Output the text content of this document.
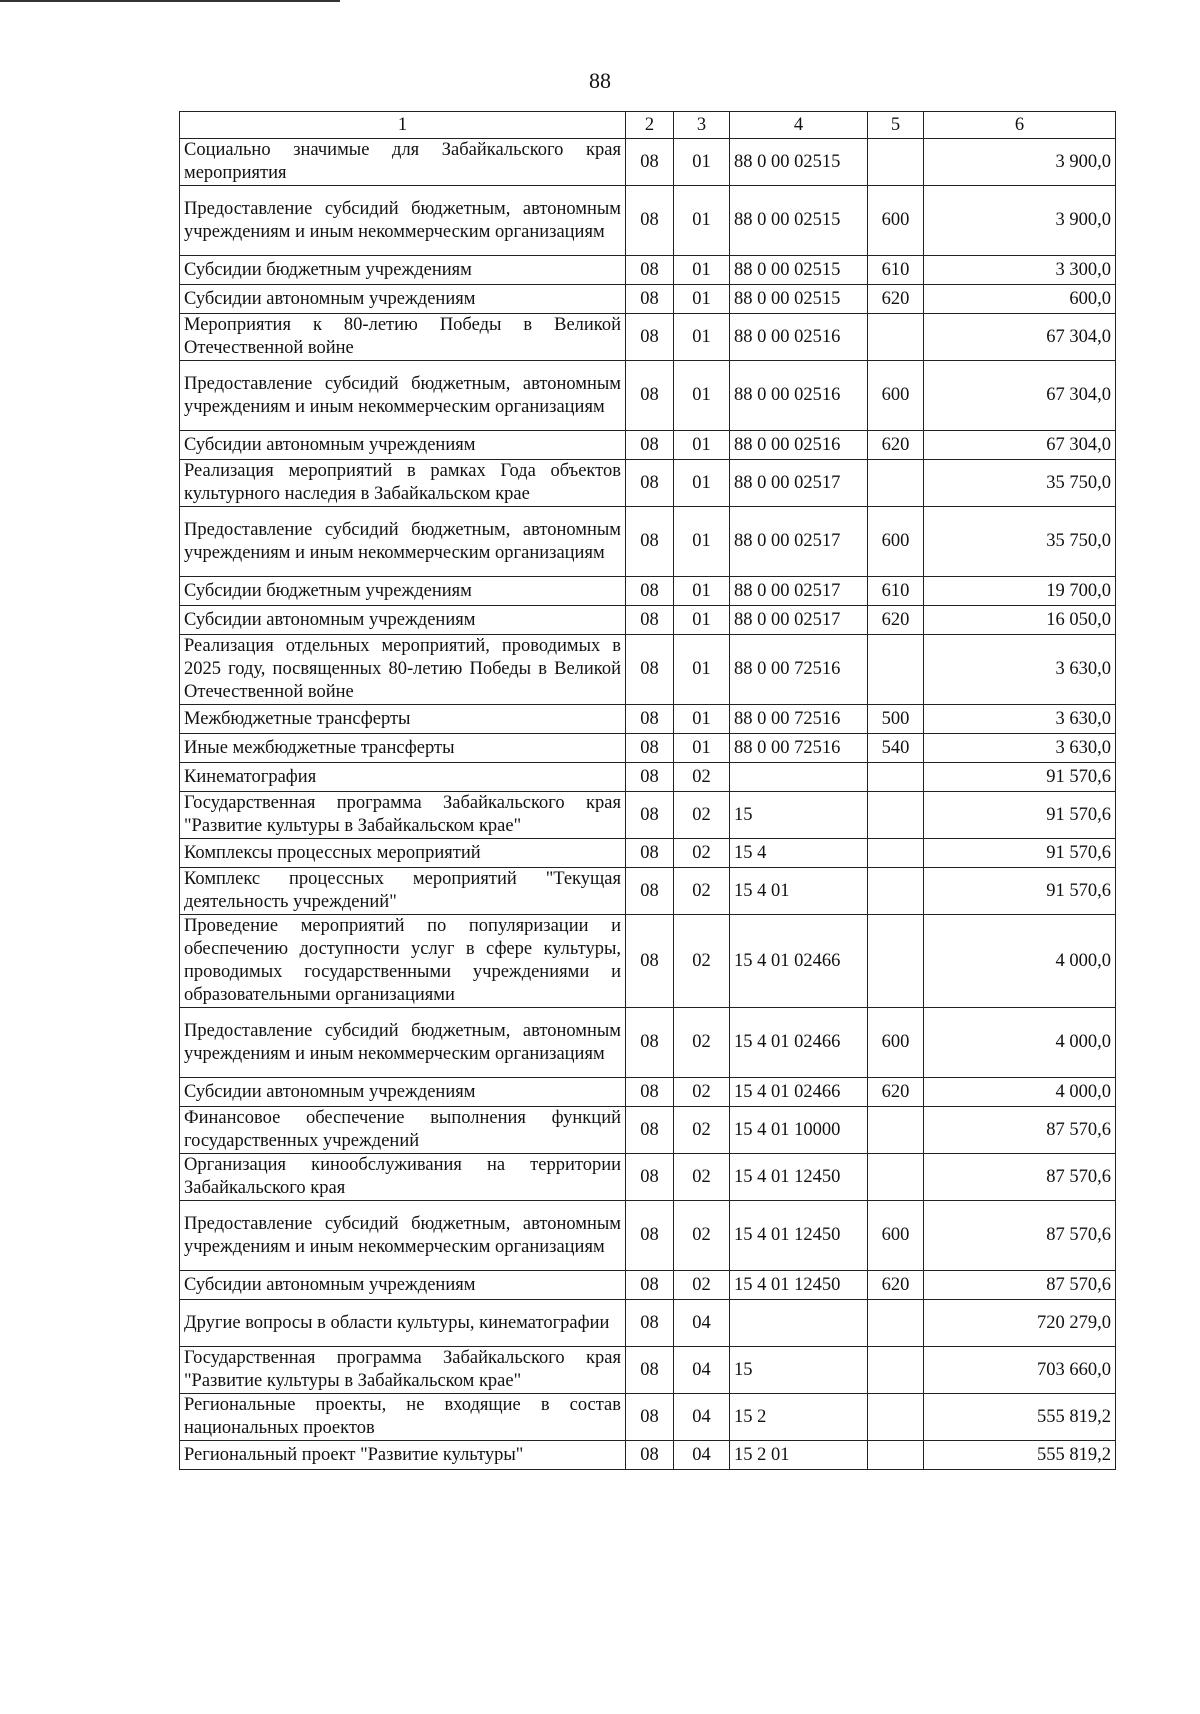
88
1	2	3	4	5	6
Социально значимые для Забайкальского края мероприятия	08	01	88 0 00 02515		3 900,0
Предоставление субсидий бюджетным, автономным учреждениям и иным некоммерческим организациям	08	01	88 0 00 02515	600	3 900,0
Субсидии бюджетным учреждениям	08	01	88 0 00 02515	610	3 300,0
Субсидии автономным учреждениям	08	01	88 0 00 02515	620	600,0
Мероприятия к 80-летию Победы в Великой Отечественной войне	08	01	88 0 00 02516		67 304,0
Предоставление субсидий бюджетным, автономным учреждениям и иным некоммерческим организациям	08	01	88 0 00 02516	600	67 304,0
Субсидии автономным учреждениям	08	01	88 0 00 02516	620	67 304,0
Реализация мероприятий в рамках Года объектов культурного наследия в Забайкальском крае	08	01	88 0 00 02517		35 750,0
Предоставление субсидий бюджетным, автономным учреждениям и иным некоммерческим организациям	08	01	88 0 00 02517	600	35 750,0
Субсидии бюджетным учреждениям	08	01	88 0 00 02517	610	19 700,0
Субсидии автономным учреждениям	08	01	88 0 00 02517	620	16 050,0
Реализация отдельных мероприятий, проводимых в 2025 году, посвященных 80-летию Победы в Великой Отечественной войне	08	01	88 0 00 72516		3 630,0
Межбюджетные трансферты	08	01	88 0 00 72516	500	3 630,0
Иные межбюджетные трансферты	08	01	88 0 00 72516	540	3 630,0
Кинематография	08	02			91 570,6
Государственная программа Забайкальского края "Развитие культуры в Забайкальском крае"	08	02	15		91 570,6
Комплексы процессных мероприятий	08	02	15 4		91 570,6
Комплекс процессных мероприятий "Текущая деятельность учреждений"	08	02	15 4 01		91 570,6
Проведение мероприятий по популяризации и обеспечению доступности услуг в сфере культуры, проводимых государственными учреждениями и образовательными организациями	08	02	15 4 01 02466		4 000,0
Предоставление субсидий бюджетным, автономным учреждениям и иным некоммерческим организациям	08	02	15 4 01 02466	600	4 000,0
Субсидии автономным учреждениям	08	02	15 4 01 02466	620	4 000,0
Финансовое обеспечение выполнения функций государственных учреждений	08	02	15 4 01 10000		87 570,6
Организация кинообслуживания на территории Забайкальского края	08	02	15 4 01 12450		87 570,6
Предоставление субсидий бюджетным, автономным учреждениям и иным некоммерческим организациям	08	02	15 4 01 12450	600	87 570,6
Субсидии автономным учреждениям	08	02	15 4 01 12450	620	87 570,6
Другие вопросы в области культуры, кинематографии	08	04			720 279,0
Государственная программа Забайкальского края "Развитие культуры в Забайкальском крае"	08	04	15		703 660,0
Региональные проекты, не входящие в состав национальных проектов	08	04	15 2		555 819,2
Региональный проект "Развитие культуры"	08	04	15 2 01		555 819,2
